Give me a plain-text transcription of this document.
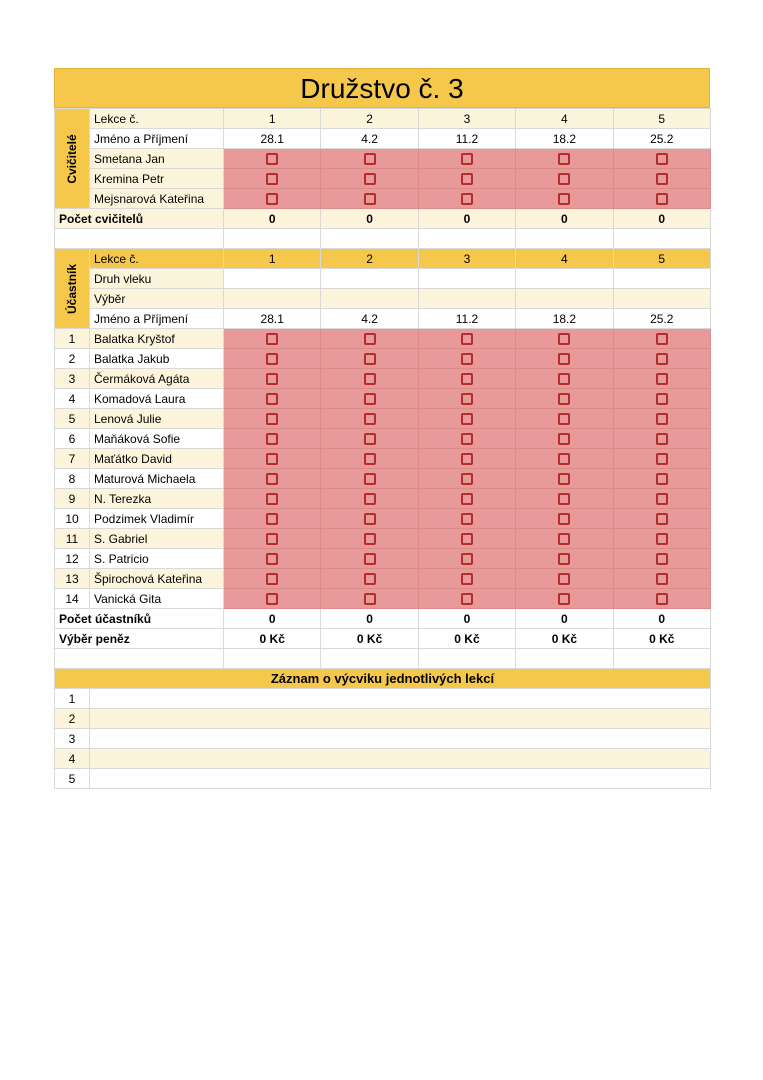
Družstvo č. 3
Cvičitelé	Lekce č.	1	2	3	4	5
	Jméno a Příjmení	28.1	4.2	11.2	18.2	25.2
	Smetana Jan					
	Kremina Petr					
	Mejsnarová Kateřina					
Počet cvičitelů		0	0	0	0	0

Účastník	Lekce č.	1	2	3	4	5
	Druh vleku					
	Výběr					
	Jméno a Příjmení	28.1	4.2	11.2	18.2	25.2
1	Balatka Kryštof					
2	Balatka Jakub					
3	Čermáková Agáta					
4	Komadová Laura					
5	Lenová Julie					
6	Maňáková Sofie					
7	Maťátko David					
8	Maturová Michaela					
9	N. Terezka					
10	Podzimek Vladimír					
11	S. Gabriel					
12	S. Patricio					
13	Špirochová Kateřina					
14	Vanická Gita					
Počet účastníků		0	0	0	0	0
Výběr peněz		0 Kč	0 Kč	0 Kč	0 Kč	0 Kč

Záznam o výcviku jednotlivých lekcí						
1						
2						
3						
4						
5						
